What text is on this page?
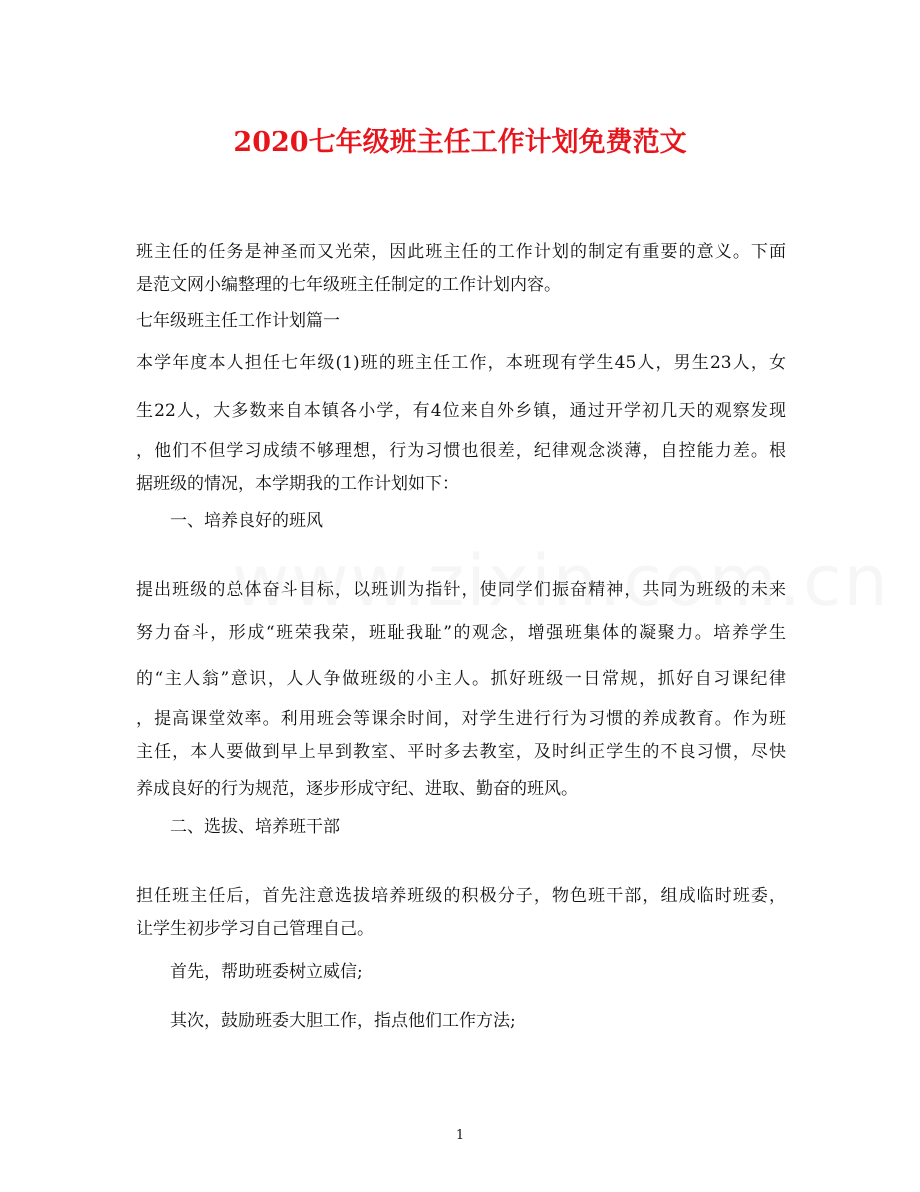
2020七年级班主任工作计划免费范文
班主任的任务是神圣而又光荣，因此班主任的工作计划的制定有重要的意义。下面
是范文网小编整理的七年级班主任制定的工作计划内容。
七年级班主任工作计划篇一
本学年度本人担任七年级(1)班的班主任工作，本班现有学生45人，男生23人，女
生22人，大多数来自本镇各小学，有4位来自外乡镇，通过开学初几天的观察发现
，他们不但学习成绩不够理想，行为习惯也很差，纪律观念淡薄，自控能力差。根
据班级的情况，本学期我的工作计划如下：
一、培养良好的班风
提出班级的总体奋斗目标，以班训为指针，使同学们振奋精神，共同为班级的未来
努力奋斗，形成“班荣我荣，班耻我耻”的观念，增强班集体的凝聚力。培养学生
的“主人翁”意识，人人争做班级的小主人。抓好班级一日常规，抓好自习课纪律
，提高课堂效率。利用班会等课余时间，对学生进行行为习惯的养成教育。作为班
主任，本人要做到早上早到教室、平时多去教室，及时纠正学生的不良习惯，尽快
养成良好的行为规范，逐步形成守纪、进取、勤奋的班风。
二、选拔、培养班干部
担任班主任后，首先注意选拔培养班级的积极分子，物色班干部，组成临时班委，
让学生初步学习自己管理自己。
首先，帮助班委树立威信;
其次，鼓励班委大胆工作，指点他们工作方法;
1
